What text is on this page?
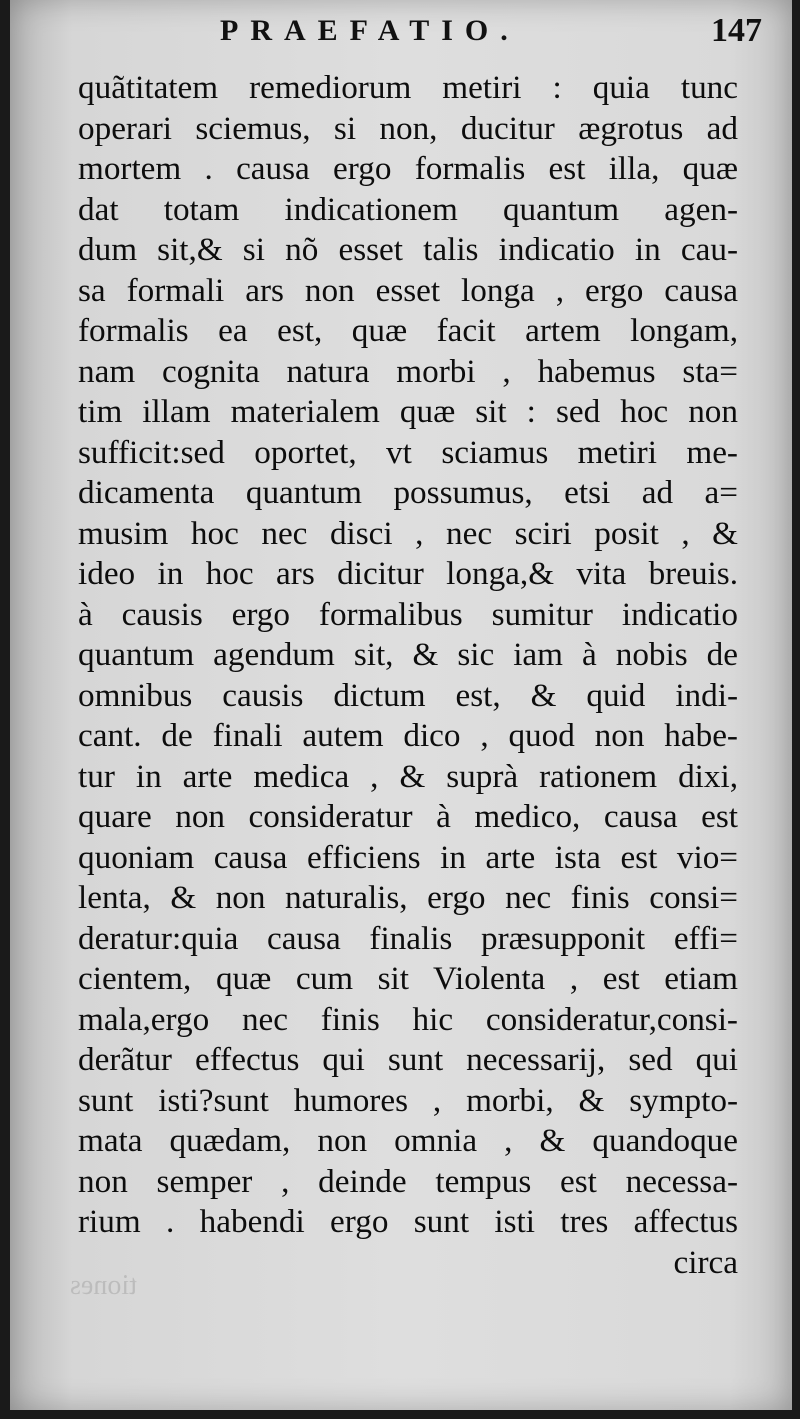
PRAEFATIO.	147
quãtitatem remediorum metiri : quia tunc
operari sciemus, si non, ducitur ægrotus ad
mortem . causa ergo formalis est illa, quæ
dat totam indicationem quantum agen-
dum sit,& si nõ esset talis indicatio in cau-
sa formali ars non esset longa , ergo causa
formalis ea est, quæ facit artem longam,
nam cognita natura morbi , habemus sta=
tim illam materialem quæ sit : sed hoc non
sufficit:sed oportet, vt sciamus metiri me-
dicamenta quantum possumus, etsi ad a=
musim hoc nec disci , nec sciri posit , &
ideo in hoc ars dicitur longa,& vita breuis.
à causis ergo formalibus sumitur indicatio
quantum agendum sit, & sic iam à nobis de
omnibus causis dictum est, & quid indi-
cant. de finali autem dico , quod non habe-
tur in arte medica , & suprà rationem dixi,
quare non consideratur à medico, causa est
quoniam causa efficiens in arte ista est vio=
lenta, & non naturalis, ergo nec finis consi=
deratur:quia causa finalis præsupponit effi=
cientem, quæ cum sit Violenta , est etiam
mala,ergo nec finis hic consideratur,consi-
derãtur effectus qui sunt necessarij, sed qui
sunt isti?sunt humores , morbi, & sympto-
mata quædam, non omnia , & quandoque
non semper , deinde tempus est necessa-
rium . habendi ergo sunt isti tres affectus
circa
tiones
